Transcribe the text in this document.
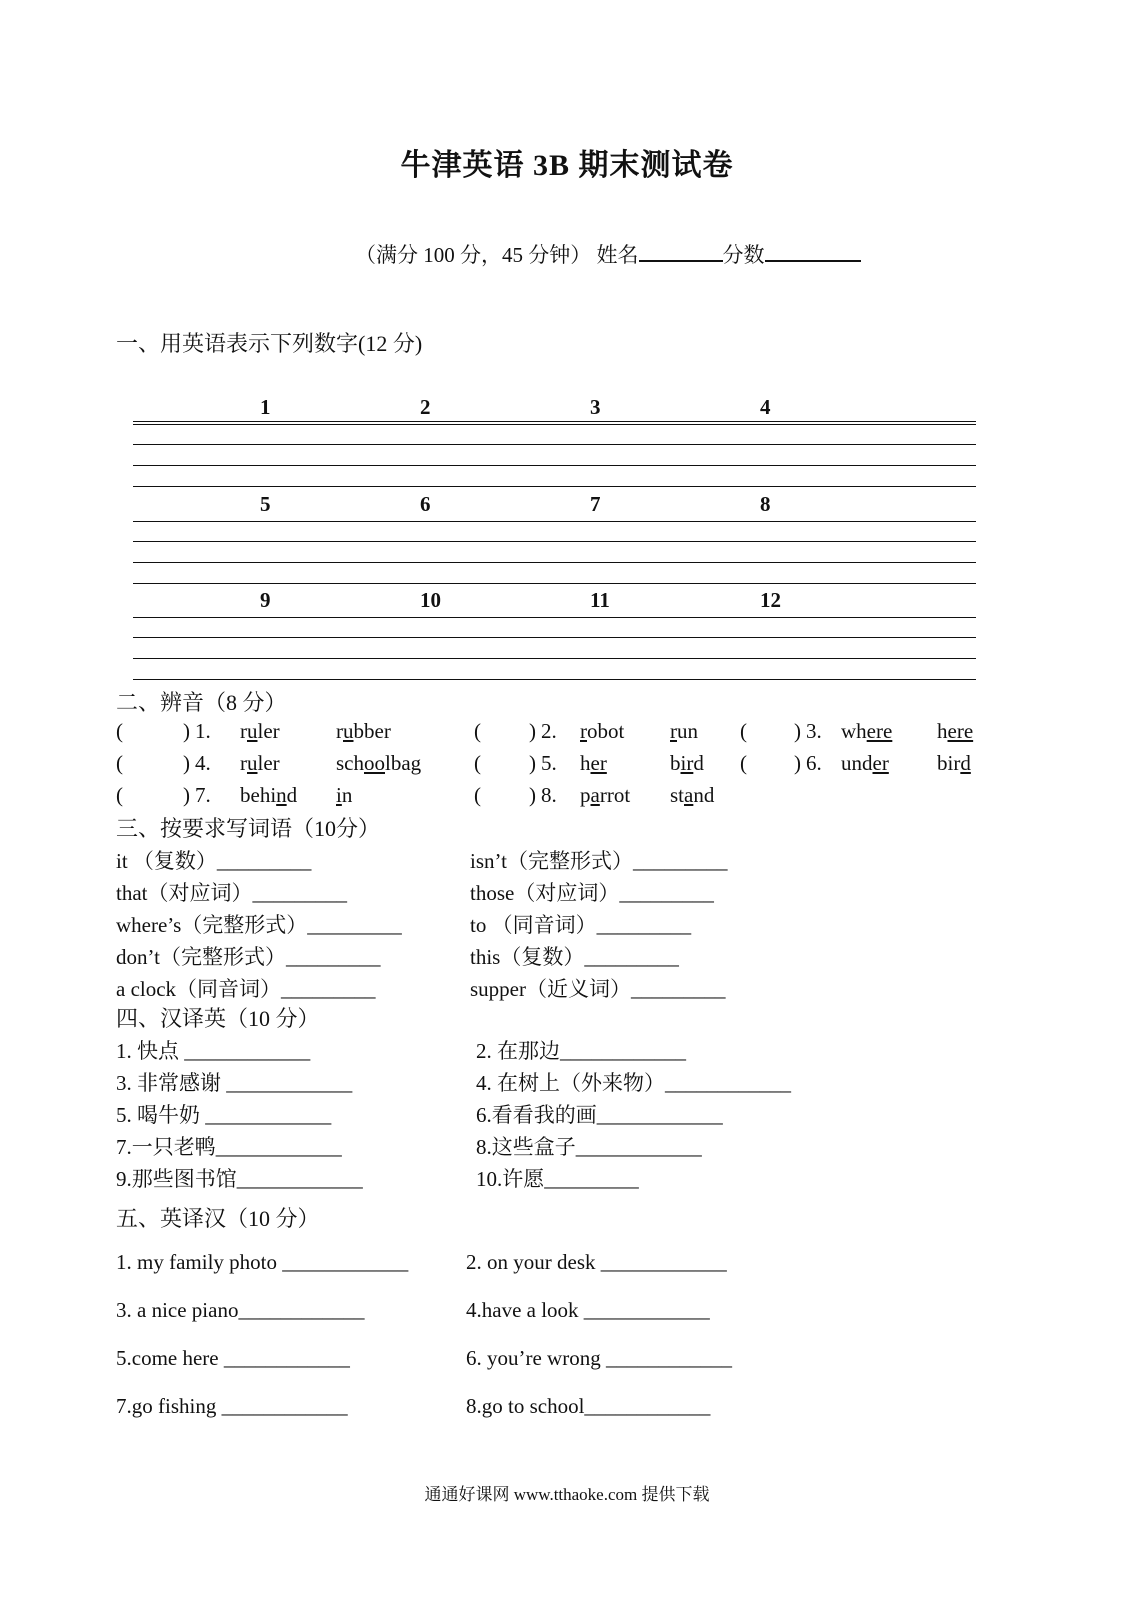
牛津英语 3B 期末测试卷
（满分 100 分，45 分钟） 姓名	分数
一、用英语表示下列数字(12 分)
1	2	3	4
5	6	7	8
9	10	11	12
二、辨音（8 分）
(	) 1. ruler	rubber	( ) 2. robot run ( ) 3. where here
(	) 4. ruler	schoolbag	( ) 5. her	bird ( ) 6. under bird
(	) 7. behind in	( ) 8. parrot stand
三、按要求写词语（10分）
it （复数）_________	isn’t（完整形式）_________
that（对应词）_________	those（对应词）_________
where’s（完整形式）_________	to （同音词）_________
don’t（完整形式）_________	this（复数）_________
a clock（同音词）_________	supper（近义词）_________
四、汉译英（10 分）
1. 快点 ____________	2. 在那边____________
3. 非常感谢 ____________	4. 在树上（外来物）____________
5. 喝牛奶 ____________	6.看看我的画____________
7.一只老鸭____________	8.这些盒子____________
9.那些图书馆____________	10.许愿_________
五、英译汉（10 分）
1. my family photo ____________	2. on your desk ____________
3. a nice piano____________	4.have a look ____________
5.come here ____________	6. you’re wrong ____________
7.go fishing ____________	8.go to school____________
通通好课网 www.tthaoke.com 提供下载
